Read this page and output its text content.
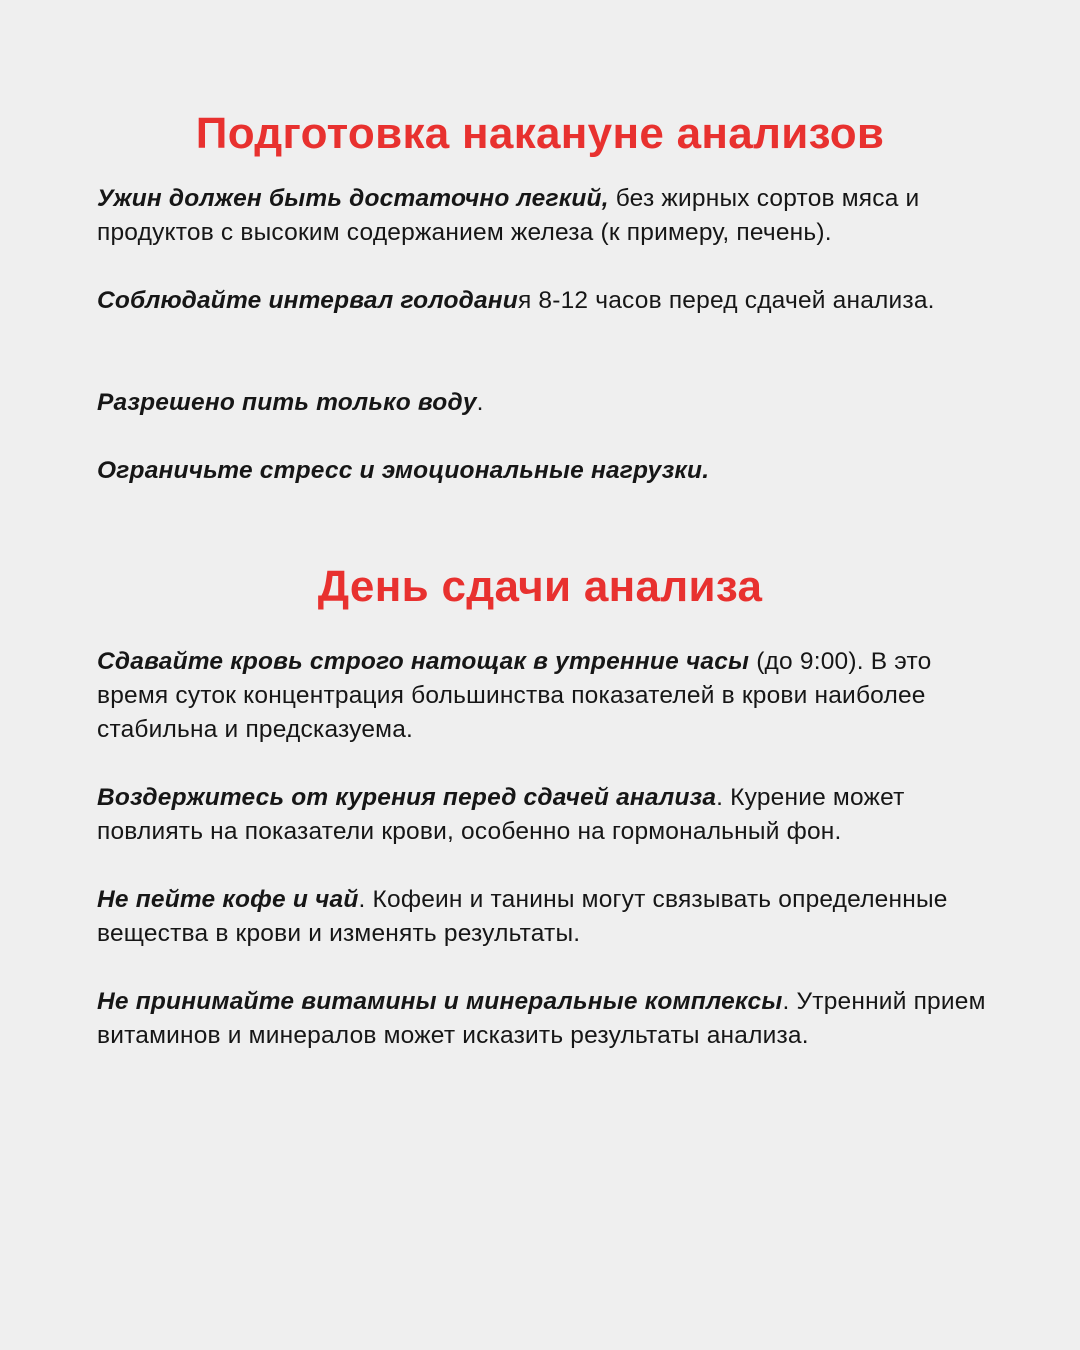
Подготовка накануне анализов

Ужин должен быть достаточно легкий, без жирных сортов мяса и продуктов с высоким содержанием железа (к примеру, печень).

Соблюдайте интервал голодания 8-12 часов перед сдачей анализа.

Разрешено пить только воду.

Ограничьте стресс и эмоциональные нагрузки.

День сдачи анализа

Сдавайте кровь строго натощак в утренние часы (до 9:00). В это время суток концентрация большинства показателей в крови наиболее стабильна и предсказуема.

Воздержитесь от курения перед сдачей анализа. Курение может повлиять на показатели крови, особенно на гормональный фон.

Не пейте кофе и чай. Кофеин и танины могут связывать определенные вещества в крови и изменять результаты.

Не принимайте витамины и минеральные комплексы. Утренний прием витаминов и минералов может исказить результаты анализа.
